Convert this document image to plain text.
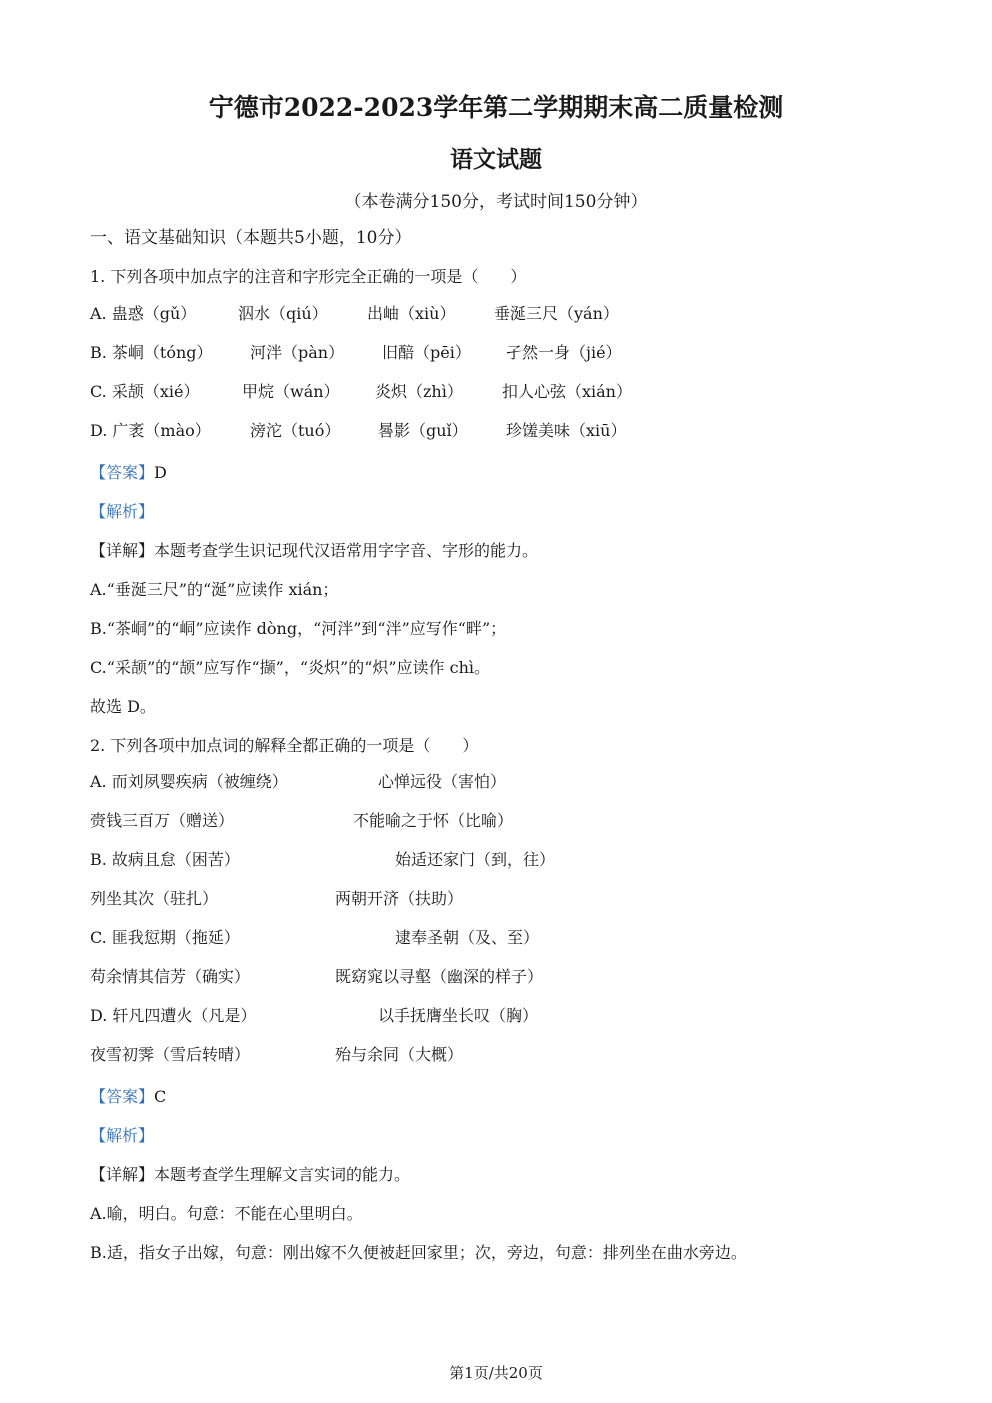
宁德市2022-2023学年第二学期期末高二质量检测
语文试题
（本卷满分150分，考试时间150分钟）
一、语文基础知识（本题共5小题，10分）
1. 下列各项中加点字的注音和字形完全正确的一项是（　　）
A. 蛊惑（gǔ）	泅水（qiú） 出岫（xiù） 垂涎三尺（yán）
B. 茶峒（tóng） 河泮（pàn） 旧醅（pēi） 孑然一身（jié）
C. 采颉（xié）	甲烷（wán） 炎炽（zhì） 扣人心弦（xián）
D. 广袤（mào） 滂沱（tuó） 晷影（guǐ） 珍馐美味（xiū）
【答案】D
【解析】
【详解】本题考查学生识记现代汉语常用字字音、字形的能力。
A.“垂涎三尺”的“涎”应读作 xián；
B.“茶峒”的“峒”应读作 dòng，“河泮”到“泮”应写作“畔”；
C.“采颉”的“颉”应写作“撷”，“炎炽”的“炽”应读作 chì。
故选 D。
2. 下列各项中加点词的解释全都正确的一项是（　　）
A. 而刘夙婴疾病（被缠绕）	心惮远役（害怕）
赍钱三百万（赠送）	不能喻之于怀（比喻）
B. 故病且怠（困苦）	始适还家门（到，往）
列坐其次（驻扎）	两朝开济（扶助）
C. 匪我愆期（拖延）	逮奉圣朝（及、至）
苟余情其信芳（确实）	既窈窕以寻壑（幽深的样子）
D. 轩凡四遭火（凡是）	以手抚膺坐长叹（胸）
夜雪初霁（雪后转晴）	殆与余同（大概）
【答案】C
【解析】
【详解】本题考查学生理解文言实词的能力。
A.喻，明白。句意：不能在心里明白。
B.适，指女子出嫁，句意：刚出嫁不久便被赶回家里；次，旁边，句意：排列坐在曲水旁边。
第1页/共20页
